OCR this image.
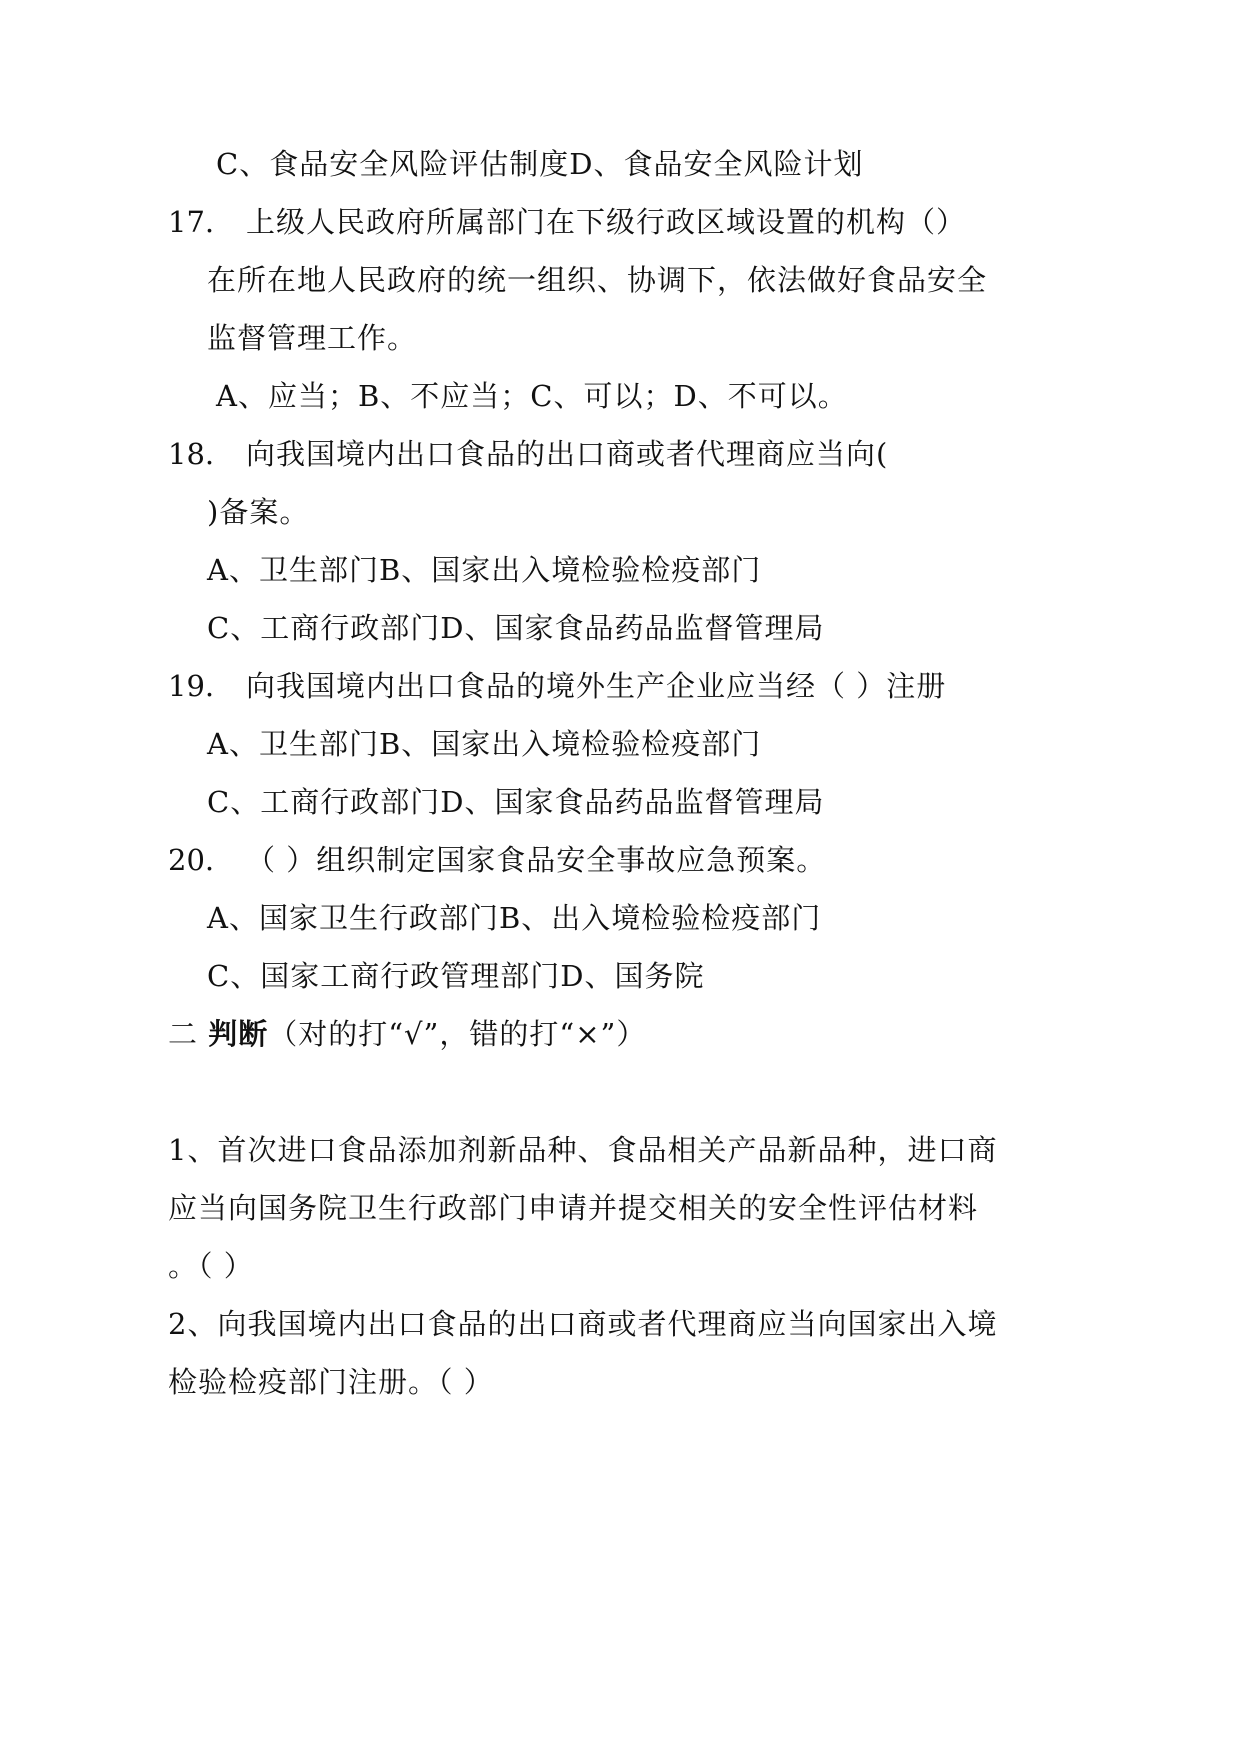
C、食品安全风险评估制度D、食品安全风险计划
17. 上级人民政府所属部门在下级行政区域设置的机构（）
在所在地人民政府的统一组织、协调下，依法做好食品安全
监督管理工作。
A、应当；B、不应当；C、可以；D、不可以。
18. 向我国境内出口食品的出口商或者代理商应当向(
)备案。
A、卫生部门B、国家出入境检验检疫部门
C、工商行政部门D、国家食品药品监督管理局
19. 向我国境内出口食品的境外生产企业应当经（ ）注册
A、卫生部门B、国家出入境检验检疫部门
C、工商行政部门D、国家食品药品监督管理局
20. （ ）组织制定国家食品安全事故应急预案。
A、国家卫生行政部门B、出入境检验检疫部门
C、国家工商行政管理部门D、国务院
二 判断（对的打“√”，错的打“×”）
1、首次进口食品添加剂新品种、食品相关产品新品种，进口商
应当向国务院卫生行政部门申请并提交相关的安全性评估材料
。（ ）
2、向我国境内出口食品的出口商或者代理商应当向国家出入境
检验检疫部门注册。（ ）
